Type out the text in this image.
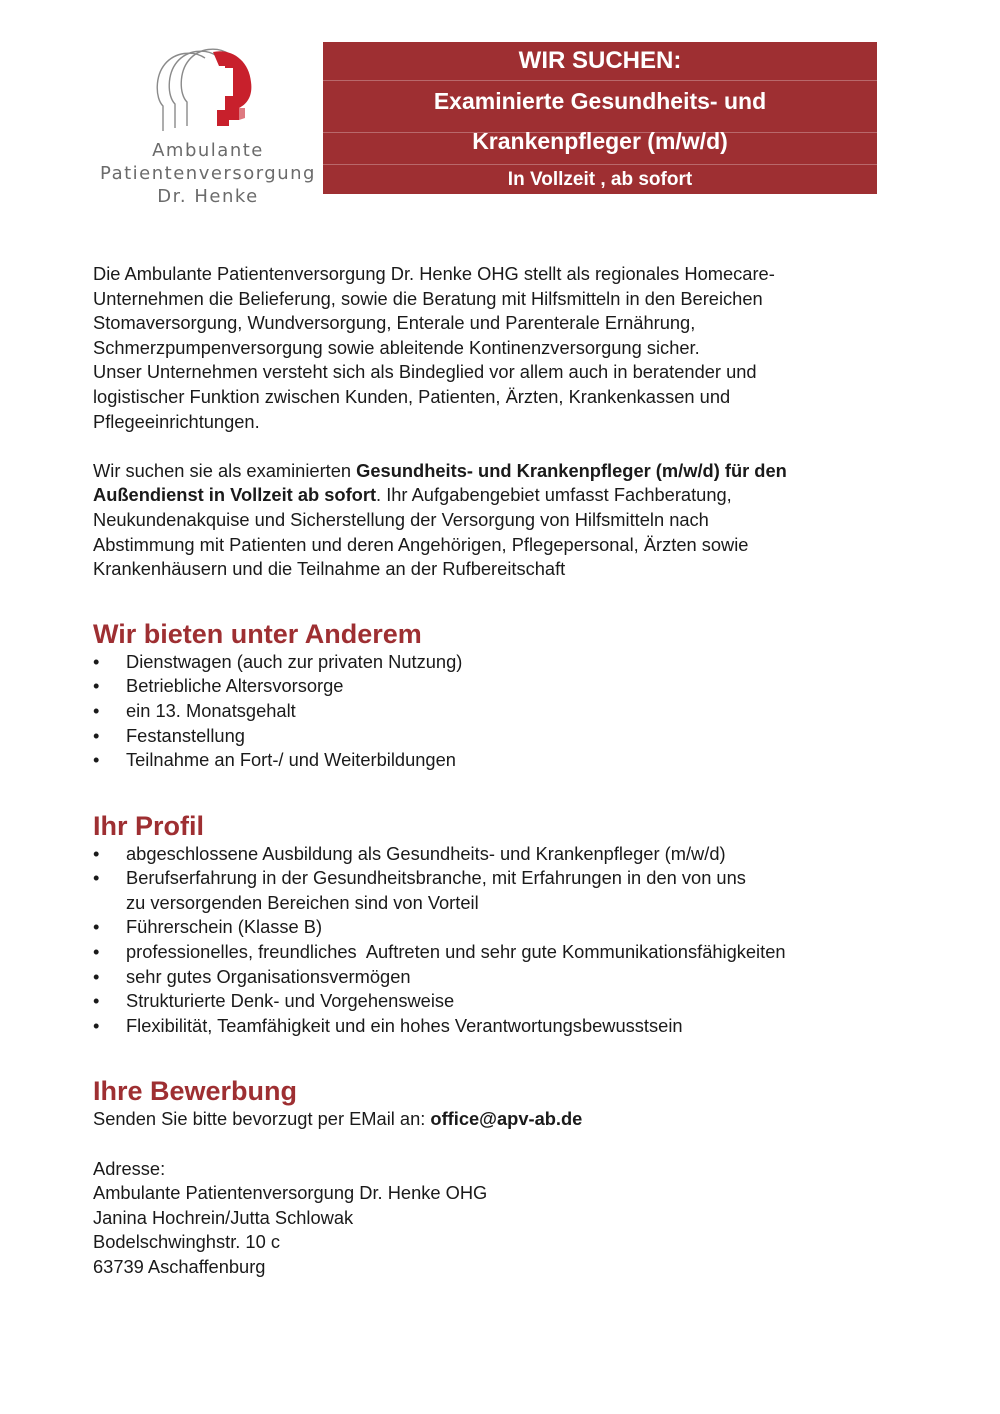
Ambulante
Patientenversorgung
Dr. Henke
WIR SUCHEN:
Examinierte Gesundheits- und
Krankenpfleger (m/w/d)
In Vollzeit , ab sofort

Die Ambulante Patientenversorgung Dr. Henke OHG stellt als regionales Homecare-

Unternehmen die Belieferung, sowie die Beratung mit Hilfsmitteln in den Bereichen

Stomaversorgung, Wundversorgung, Enterale und Parenterale Ernährung,

Schmerzpumpenversorgung sowie ableitende Kontinenzversorgung sicher.

Unser Unternehmen versteht sich als Bindeglied vor allem auch in beratender und

logistischer Funktion zwischen Kunden, Patienten, Ärzten, Krankenkassen und

Pflegeeinrichtungen.

Wir suchen sie als examinierten Gesundheits- und Krankenpfleger (m/w/d) für den

Außendienst in Vollzeit ab sofort. Ihr Aufgabengebiet umfasst Fachberatung,

Neukundenakquise und Sicherstellung der Versorgung von Hilfsmitteln nach

Abstimmung mit Patienten und deren Angehörigen, Pflegepersonal, Ärzten sowie

Krankenhäusern und die Teilnahme an der Rufbereitschaft

Wir bieten unter Anderem
• Dienstwagen (auch zur privaten Nutzung)
• Betriebliche Altersvorsorge
• ein 13. Monatsgehalt
• Festanstellung
• Teilnahme an Fort-/ und Weiterbildungen
Ihr Profil
• abgeschlossene Ausbildung als Gesundheits- und Krankenpfleger (m/w/d)
• Berufserfahrung in der Gesundheitsbranche, mit Erfahrungen in den von uns
zu versorgenden Bereichen sind von Vorteil
• Führerschein (Klasse B)
• professionelles, freundliches  Auftreten und sehr gute Kommunikationsfähigkeiten
• sehr gutes Organisationsvermögen
• Strukturierte Denk- und Vorgehensweise
• Flexibilität, Teamfähigkeit und ein hohes Verantwortungsbewusstsein
Ihre Bewerbung

Senden Sie bitte bevorzugt per EMail an: office@apv-ab.de

Adresse:

Ambulante Patientenversorgung Dr. Henke OHG

Janina Hochrein/Jutta Schlowak

Bodelschwinghstr. 10 c

63739 Aschaffenburg
